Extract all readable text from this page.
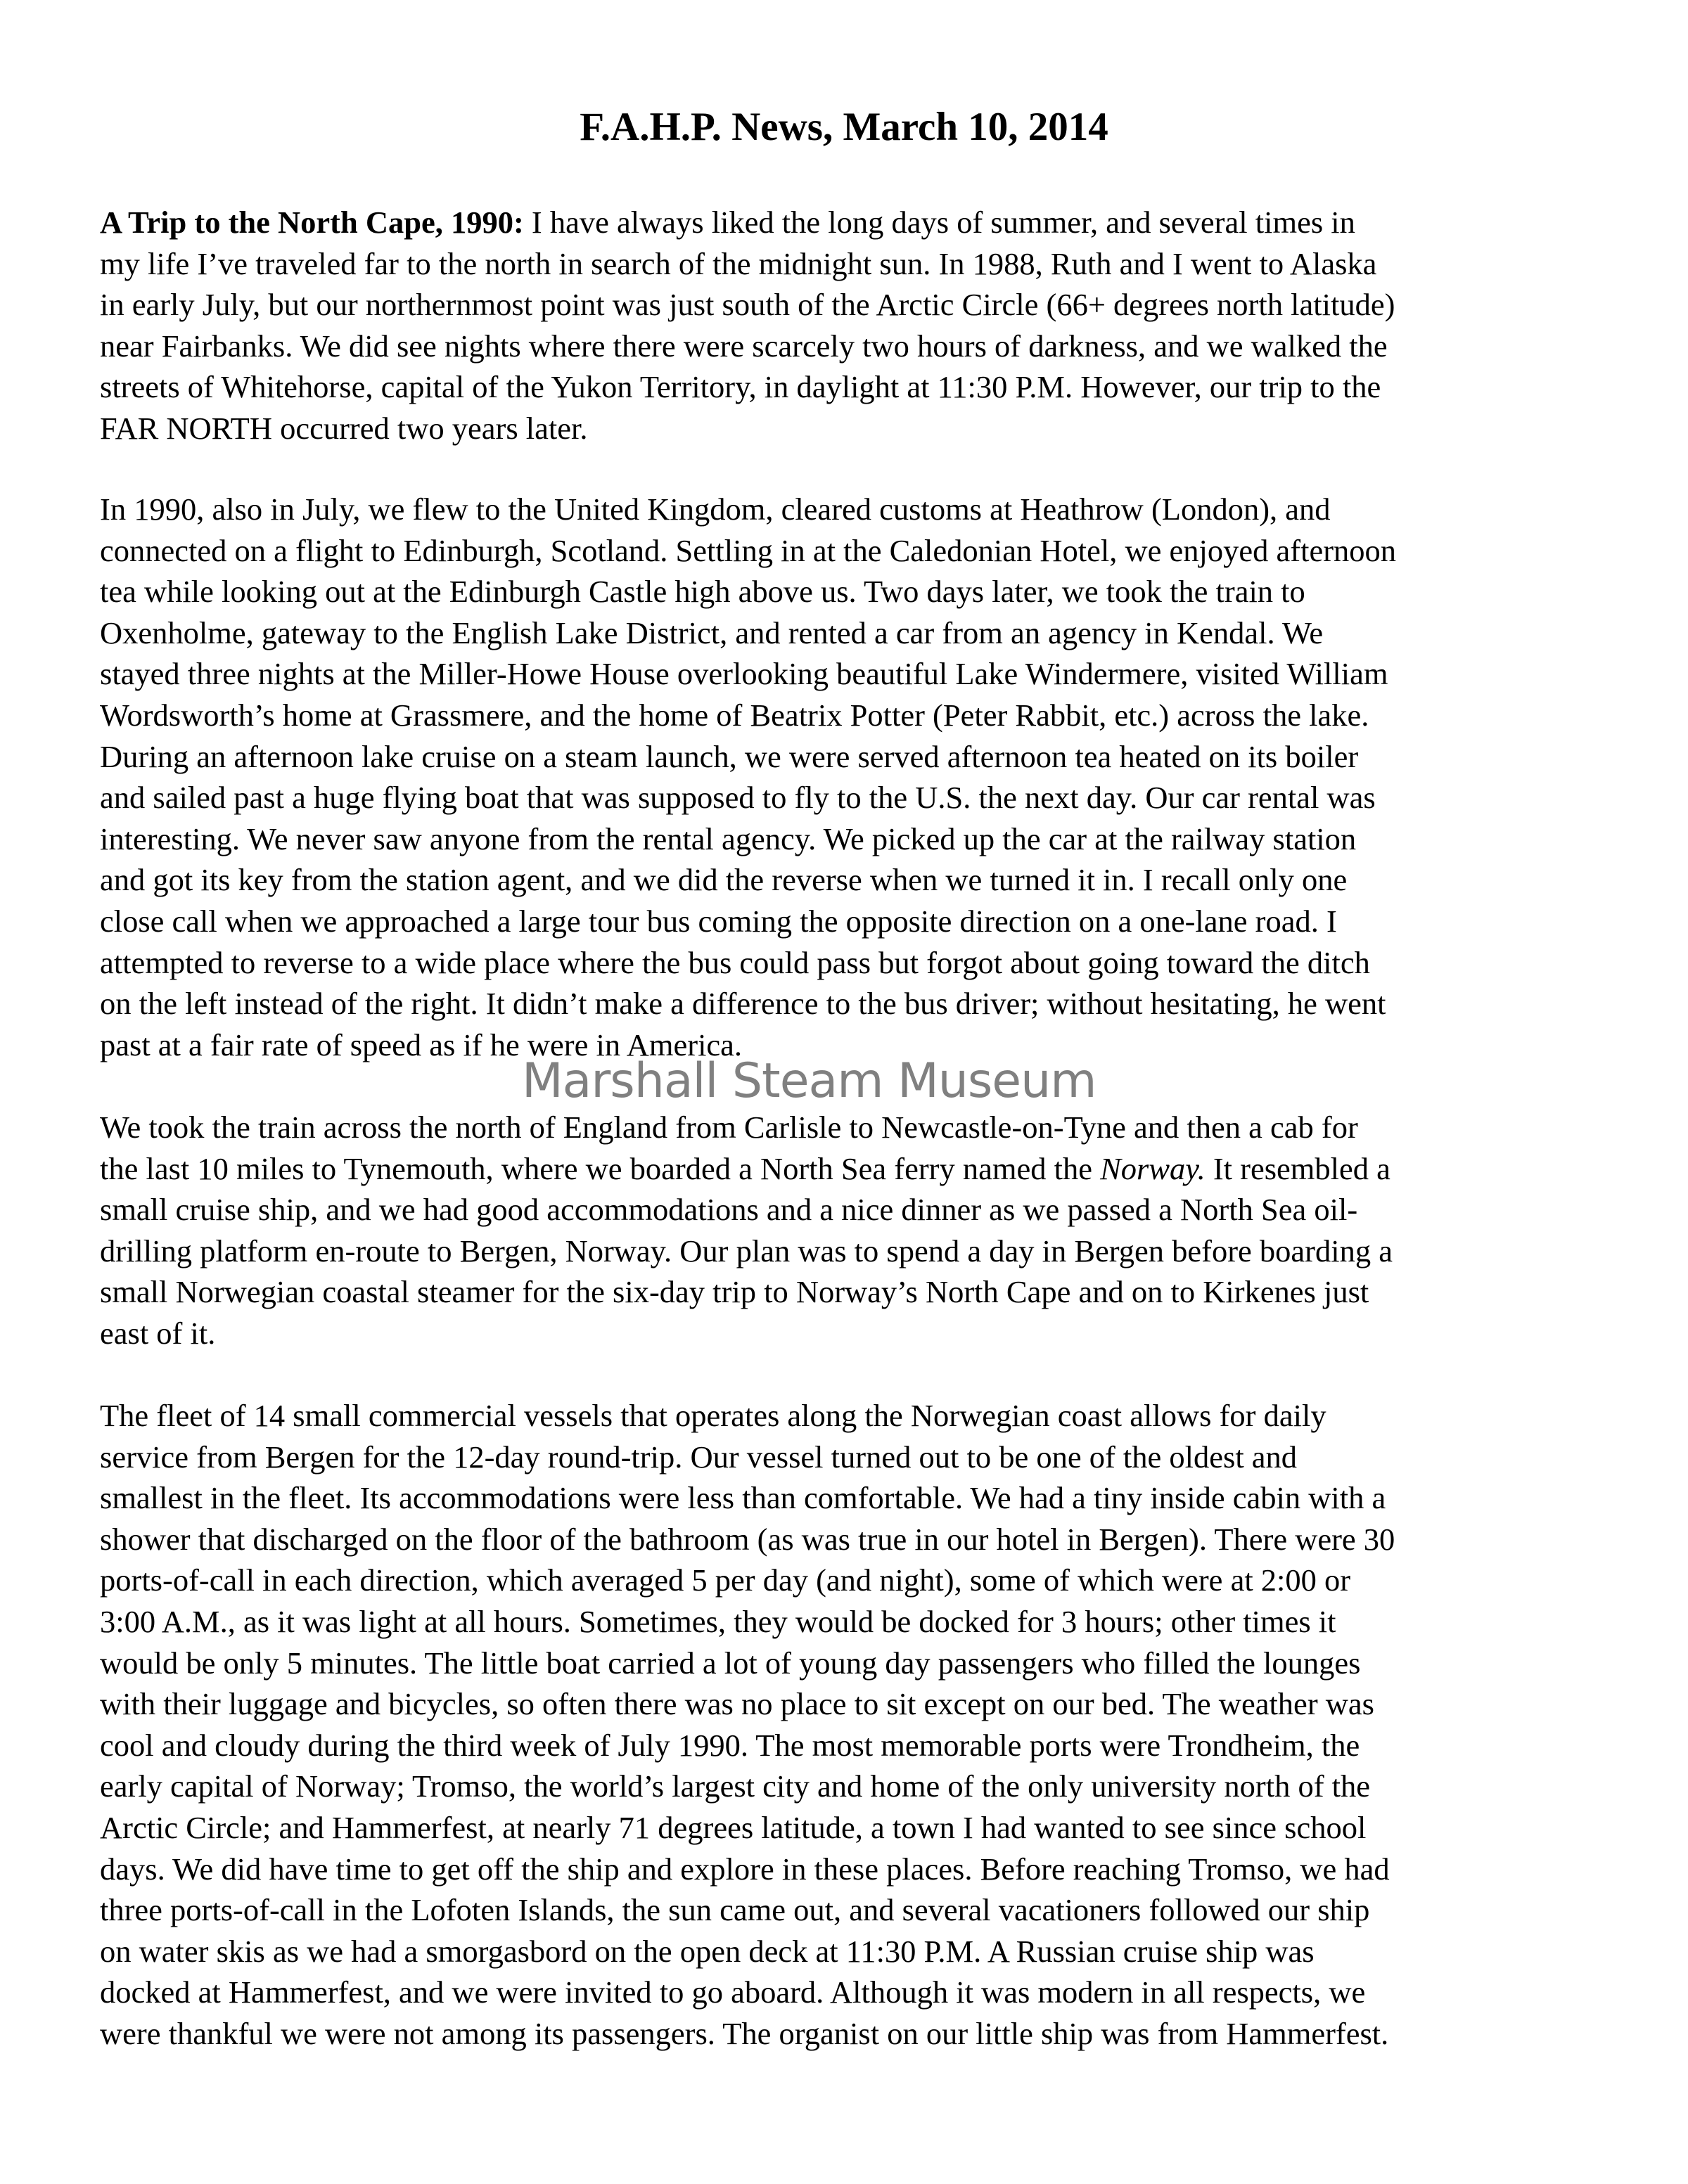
F.A.H.P. News, March 10, 2014
Marshall Steam Museum
A Trip to the North Cape, 1990: I have always liked the long days of summer, and several times in
my life I’ve traveled far to the north in search of the midnight sun. In 1988, Ruth and I went to Alaska
in early July, but our northernmost point was just south of the Arctic Circle (66+ degrees north latitude)
near Fairbanks. We did see nights where there were scarcely two hours of darkness, and we walked the
streets of Whitehorse, capital of the Yukon Territory, in daylight at 11:30 P.M. However, our trip to the
FAR NORTH occurred two years later.
In 1990, also in July, we flew to the United Kingdom, cleared customs at Heathrow (London), and
connected on a flight to Edinburgh, Scotland. Settling in at the Caledonian Hotel, we enjoyed afternoon
tea while looking out at the Edinburgh Castle high above us. Two days later, we took the train to
Oxenholme, gateway to the English Lake District, and rented a car from an agency in Kendal. We
stayed three nights at the Miller-Howe House overlooking beautiful Lake Windermere, visited William
Wordsworth’s home at Grassmere, and the home of Beatrix Potter (Peter Rabbit, etc.) across the lake.
During an afternoon lake cruise on a steam launch, we were served afternoon tea heated on its boiler
and sailed past a huge flying boat that was supposed to fly to the U.S. the next day. Our car rental was
interesting. We never saw anyone from the rental agency. We picked up the car at the railway station
and got its key from the station agent, and we did the reverse when we turned it in. I recall only one
close call when we approached a large tour bus coming the opposite direction on a one-lane road. I
attempted to reverse to a wide place where the bus could pass but forgot about going toward the ditch
on the left instead of the right. It didn’t make a difference to the bus driver; without hesitating, he went
past at a fair rate of speed as if he were in America.
We took the train across the north of England from Carlisle to Newcastle-on-Tyne and then a cab for
the last 10 miles to Tynemouth, where we boarded a North Sea ferry named the Norway. It resembled a
small cruise ship, and we had good accommodations and a nice dinner as we passed a North Sea oil-
drilling platform en-route to Bergen, Norway. Our plan was to spend a day in Bergen before boarding a
small Norwegian coastal steamer for the six-day trip to Norway’s North Cape and on to Kirkenes just
east of it.
The fleet of 14 small commercial vessels that operates along the Norwegian coast allows for daily
service from Bergen for the 12-day round-trip. Our vessel turned out to be one of the oldest and
smallest in the fleet. Its accommodations were less than comfortable. We had a tiny inside cabin with a
shower that discharged on the floor of the bathroom (as was true in our hotel in Bergen). There were 30
ports-of-call in each direction, which averaged 5 per day (and night), some of which were at 2:00 or
3:00 A.M., as it was light at all hours. Sometimes, they would be docked for 3 hours; other times it
would be only 5 minutes. The little boat carried a lot of young day passengers who filled the lounges
with their luggage and bicycles, so often there was no place to sit except on our bed. The weather was
cool and cloudy during the third week of July 1990. The most memorable ports were Trondheim, the
early capital of Norway; Tromso, the world’s largest city and home of the only university north of the
Arctic Circle; and Hammerfest, at nearly 71 degrees latitude, a town I had wanted to see since school
days. We did have time to get off the ship and explore in these places. Before reaching Tromso, we had
three ports-of-call in the Lofoten Islands, the sun came out, and several vacationers followed our ship
on water skis as we had a smorgasbord on the open deck at 11:30 P.M. A Russian cruise ship was
docked at Hammerfest, and we were invited to go aboard. Although it was modern in all respects, we
were thankful we were not among its passengers. The organist on our little ship was from Hammerfest.
